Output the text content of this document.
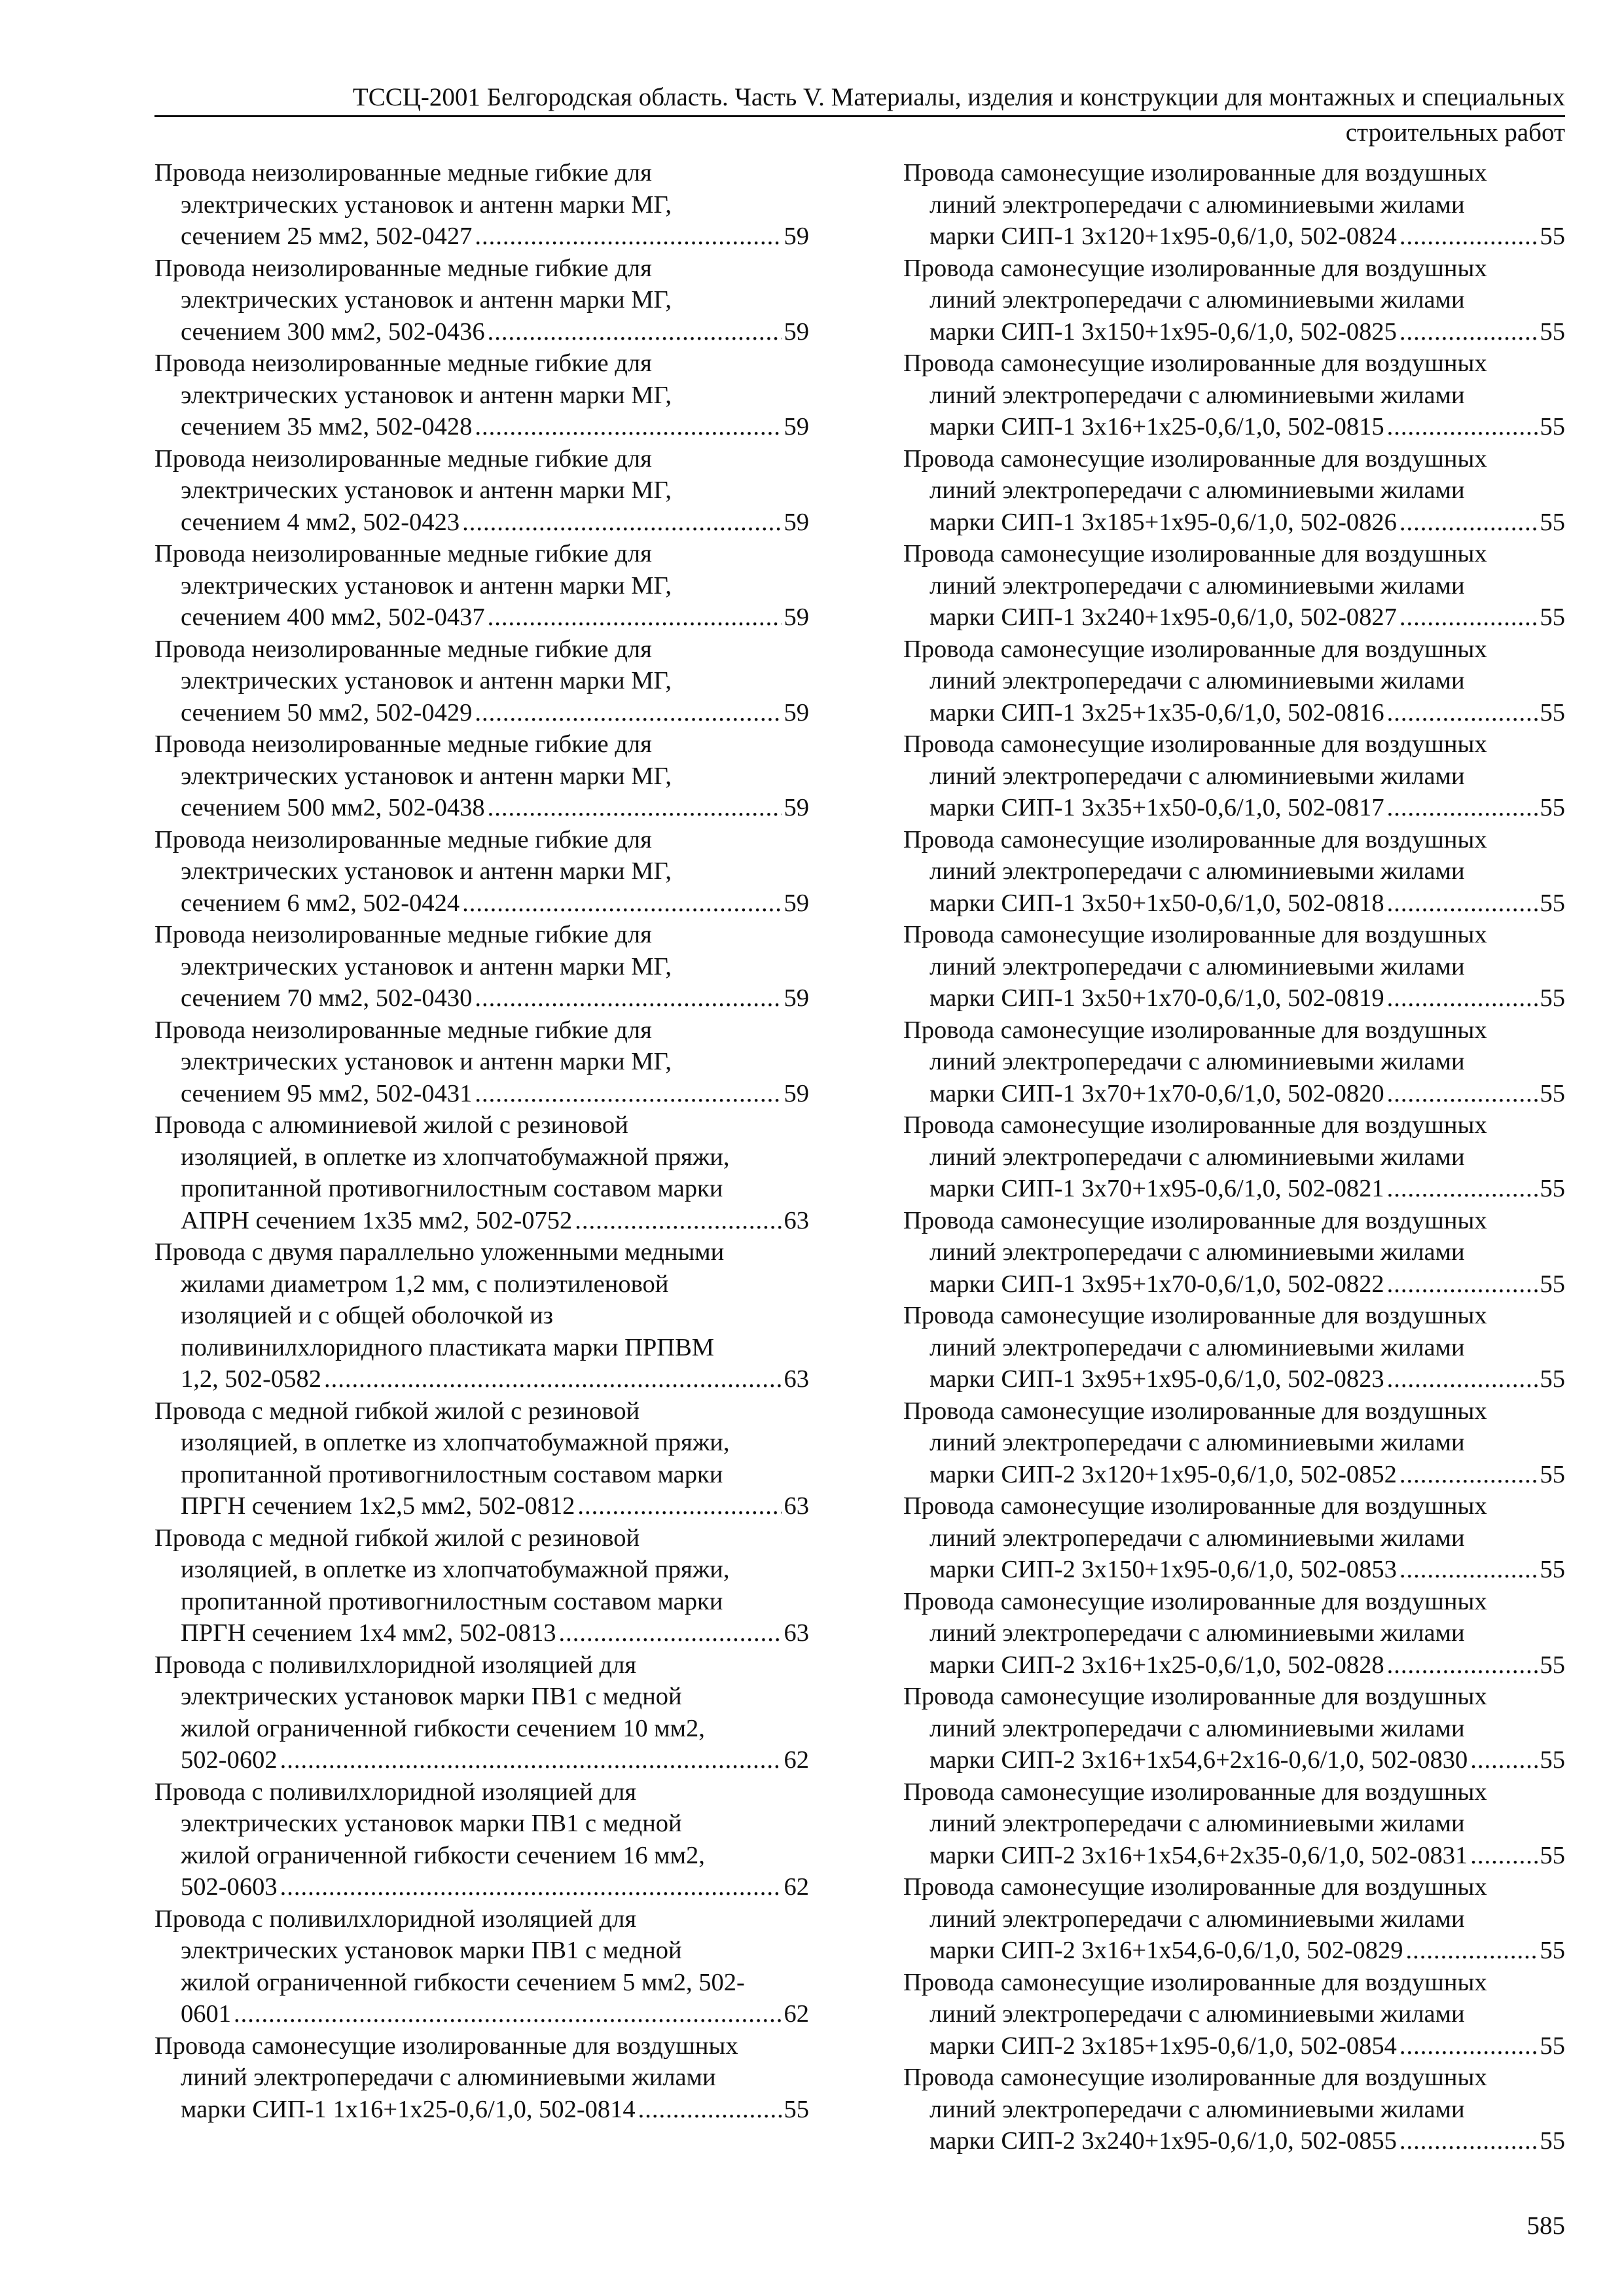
ТССЦ-2001 Белгородская область. Часть V. Материалы, изделия и конструкции для монтажных и специальных
строительных работ
Провода неизолированные медные гибкие для
электрических установок и антенн марки МГ,
сечением 25 мм2, 502-0427 .....	59
Провода неизолированные медные гибкие для
электрических установок и антенн марки МГ,
сечением 300 мм2, 502-0436 .....	59
Провода неизолированные медные гибкие для
электрических установок и антенн марки МГ,
сечением 35 мм2, 502-0428 .....	59
Провода неизолированные медные гибкие для
электрических установок и антенн марки МГ,
сечением 4 мм2, 502-0423 .....	59
Провода неизолированные медные гибкие для
электрических установок и антенн марки МГ,
сечением 400 мм2, 502-0437 .....	59
Провода неизолированные медные гибкие для
электрических установок и антенн марки МГ,
сечением 50 мм2, 502-0429 .....	59
Провода неизолированные медные гибкие для
электрических установок и антенн марки МГ,
сечением 500 мм2, 502-0438 .....	59
Провода неизолированные медные гибкие для
электрических установок и антенн марки МГ,
сечением 6 мм2, 502-0424 .....	59
Провода неизолированные медные гибкие для
электрических установок и антенн марки МГ,
сечением 70 мм2, 502-0430 .....	59
Провода неизолированные медные гибкие для
электрических установок и антенн марки МГ,
сечением 95 мм2, 502-0431 .....	59
Провода с алюминиевой жилой с резиновой
изоляцией, в оплетке из хлопчатобумажной пряжи,
пропитанной противогнилостным составом марки
АПРН сечением 1х35 мм2, 502-0752 .....	63
Провода с двумя параллельно уложенными медными
жилами диаметром 1,2 мм, с полиэтиленовой
изоляцией и с общей оболочкой из
поливинилхлоридного пластиката марки ПРПВМ
1,2, 502-0582 .....	63
Провода с медной гибкой жилой с резиновой
изоляцией, в оплетке из хлопчатобумажной пряжи,
пропитанной противогнилостным составом марки
ПРГН сечением 1х2,5 мм2, 502-0812 .....	63
Провода с медной гибкой жилой с резиновой
изоляцией, в оплетке из хлопчатобумажной пряжи,
пропитанной противогнилостным составом марки
ПРГН сечением 1х4 мм2, 502-0813 .....	63
Провода с поливилхлоридной изоляцией для
электрических установок марки ПВ1 с медной
жилой ограниченной гибкости сечением 10 мм2,
502-0602 .....	62
Провода с поливилхлоридной изоляцией для
электрических установок марки ПВ1 с медной
жилой ограниченной гибкости сечением 16 мм2,
502-0603 .....	62
Провода с поливилхлоридной изоляцией для
электрических установок марки ПВ1 с медной
жилой ограниченной гибкости сечением 5 мм2, 502-
0601 .....	62
Провода самонесущие изолированные для воздушных
линий электропередачи с алюминиевыми жилами
марки СИП-1 1х16+1х25-0,6/1,0, 502-0814 .....	55
Провода самонесущие изолированные для воздушных
линий электропередачи с алюминиевыми жилами
марки СИП-1 3х120+1х95-0,6/1,0, 502-0824 .....	55
Провода самонесущие изолированные для воздушных
линий электропередачи с алюминиевыми жилами
марки СИП-1 3х150+1х95-0,6/1,0, 502-0825 .....	55
Провода самонесущие изолированные для воздушных
линий электропередачи с алюминиевыми жилами
марки СИП-1 3х16+1х25-0,6/1,0, 502-0815 .....	55
Провода самонесущие изолированные для воздушных
линий электропередачи с алюминиевыми жилами
марки СИП-1 3х185+1х95-0,6/1,0, 502-0826 .....	55
Провода самонесущие изолированные для воздушных
линий электропередачи с алюминиевыми жилами
марки СИП-1 3х240+1х95-0,6/1,0, 502-0827 .....	55
Провода самонесущие изолированные для воздушных
линий электропередачи с алюминиевыми жилами
марки СИП-1 3х25+1х35-0,6/1,0, 502-0816 .....	55
Провода самонесущие изолированные для воздушных
линий электропередачи с алюминиевыми жилами
марки СИП-1 3х35+1х50-0,6/1,0, 502-0817 .....	55
Провода самонесущие изолированные для воздушных
линий электропередачи с алюминиевыми жилами
марки СИП-1 3х50+1х50-0,6/1,0, 502-0818 .....	55
Провода самонесущие изолированные для воздушных
линий электропередачи с алюминиевыми жилами
марки СИП-1 3х50+1х70-0,6/1,0, 502-0819 .....	55
Провода самонесущие изолированные для воздушных
линий электропередачи с алюминиевыми жилами
марки СИП-1 3х70+1х70-0,6/1,0, 502-0820 .....	55
Провода самонесущие изолированные для воздушных
линий электропередачи с алюминиевыми жилами
марки СИП-1 3х70+1х95-0,6/1,0, 502-0821 .....	55
Провода самонесущие изолированные для воздушных
линий электропередачи с алюминиевыми жилами
марки СИП-1 3х95+1х70-0,6/1,0, 502-0822 .....	55
Провода самонесущие изолированные для воздушных
линий электропередачи с алюминиевыми жилами
марки СИП-1 3х95+1х95-0,6/1,0, 502-0823 .....	55
Провода самонесущие изолированные для воздушных
линий электропередачи с алюминиевыми жилами
марки СИП-2 3х120+1х95-0,6/1,0, 502-0852 .....	55
Провода самонесущие изолированные для воздушных
линий электропередачи с алюминиевыми жилами
марки СИП-2 3х150+1х95-0,6/1,0, 502-0853 .....	55
Провода самонесущие изолированные для воздушных
линий электропередачи с алюминиевыми жилами
марки СИП-2 3х16+1х25-0,6/1,0, 502-0828 .....	55
Провода самонесущие изолированные для воздушных
линий электропередачи с алюминиевыми жилами
марки СИП-2 3х16+1х54,6+2х16-0,6/1,0, 502-0830 .....	55
Провода самонесущие изолированные для воздушных
линий электропередачи с алюминиевыми жилами
марки СИП-2 3х16+1х54,6+2х35-0,6/1,0, 502-0831 .....	55
Провода самонесущие изолированные для воздушных
линий электропередачи с алюминиевыми жилами
марки СИП-2 3х16+1х54,6-0,6/1,0, 502-0829 .....	55
Провода самонесущие изолированные для воздушных
линий электропередачи с алюминиевыми жилами
марки СИП-2 3х185+1х95-0,6/1,0, 502-0854 .....	55
Провода самонесущие изолированные для воздушных
линий электропередачи с алюминиевыми жилами
марки СИП-2 3х240+1х95-0,6/1,0, 502-0855 .....	55
585
